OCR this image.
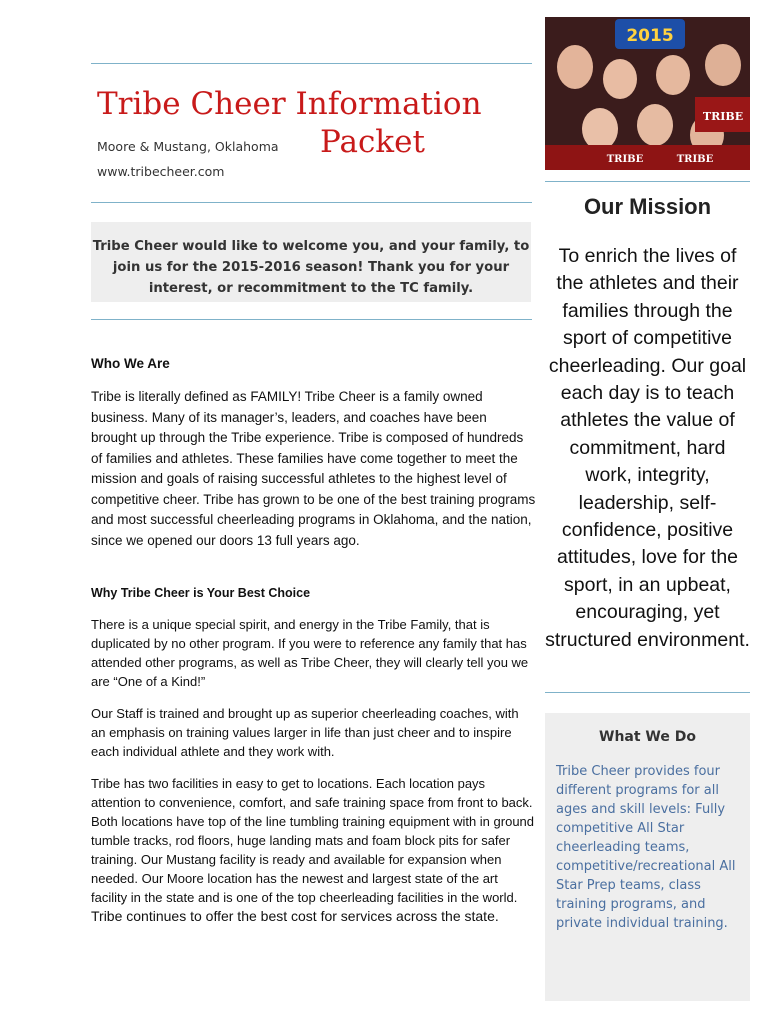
Tribe Cheer Information
Packet
Moore & Mustang, Oklahoma
www.tribecheer.com
Tribe Cheer would like to welcome you, and your family, to join us for the 2015-2016 season! Thank you for your interest, or recommitment to the TC family.
Who We Are
Tribe is literally defined as FAMILY! Tribe Cheer is a family owned business. Many of its manager’s, leaders, and coaches have been brought up through the Tribe experience. Tribe is composed of hundreds of families and athletes. These families have come together to meet the mission and goals of raising successful athletes to the highest level of competitive cheer. Tribe has grown to be one of the best training programs and most successful cheerleading programs in Oklahoma, and the nation, since we opened our doors 13 full years ago.
Why Tribe Cheer is Your Best Choice
There is a unique special spirit, and energy in the Tribe Family, that is duplicated by no other program. If you were to reference any family that has attended other programs, as well as Tribe Cheer, they will clearly tell you we are “One of a Kind!”
Our Staff is trained and brought up as superior cheerleading coaches, with an emphasis on training values larger in life than just cheer and to inspire each individual athlete and they work with.
Tribe has two facilities in easy to get to locations. Each location pays attention to convenience, comfort, and safe training space from front to back. Both locations have top of the line tumbling training equipment with in ground tumble tracks, rod floors, huge landing mats and foam block pits for safer training. Our Mustang facility is ready and available for expansion when needed. Our Moore location has the newest and largest state of the art facility in the state and is one of the top cheerleading facilities in the world. Tribe continues to offer the best cost for services across the state.
2015
TRIBE
TRIBE	TRIBE
Our Mission
To enrich the lives of the athletes and their families through the sport of competitive cheerleading. Our goal each day is to teach athletes the value of commitment, hard work, integrity, leadership, self-confidence, positive attitudes, love for the sport, in an upbeat, encouraging, yet structured environment.
What We Do
Tribe Cheer provides four different programs for all ages and skill levels: Fully competitive All Star cheerleading teams, competitive/recreational All Star Prep teams, class training programs, and private individual training.
